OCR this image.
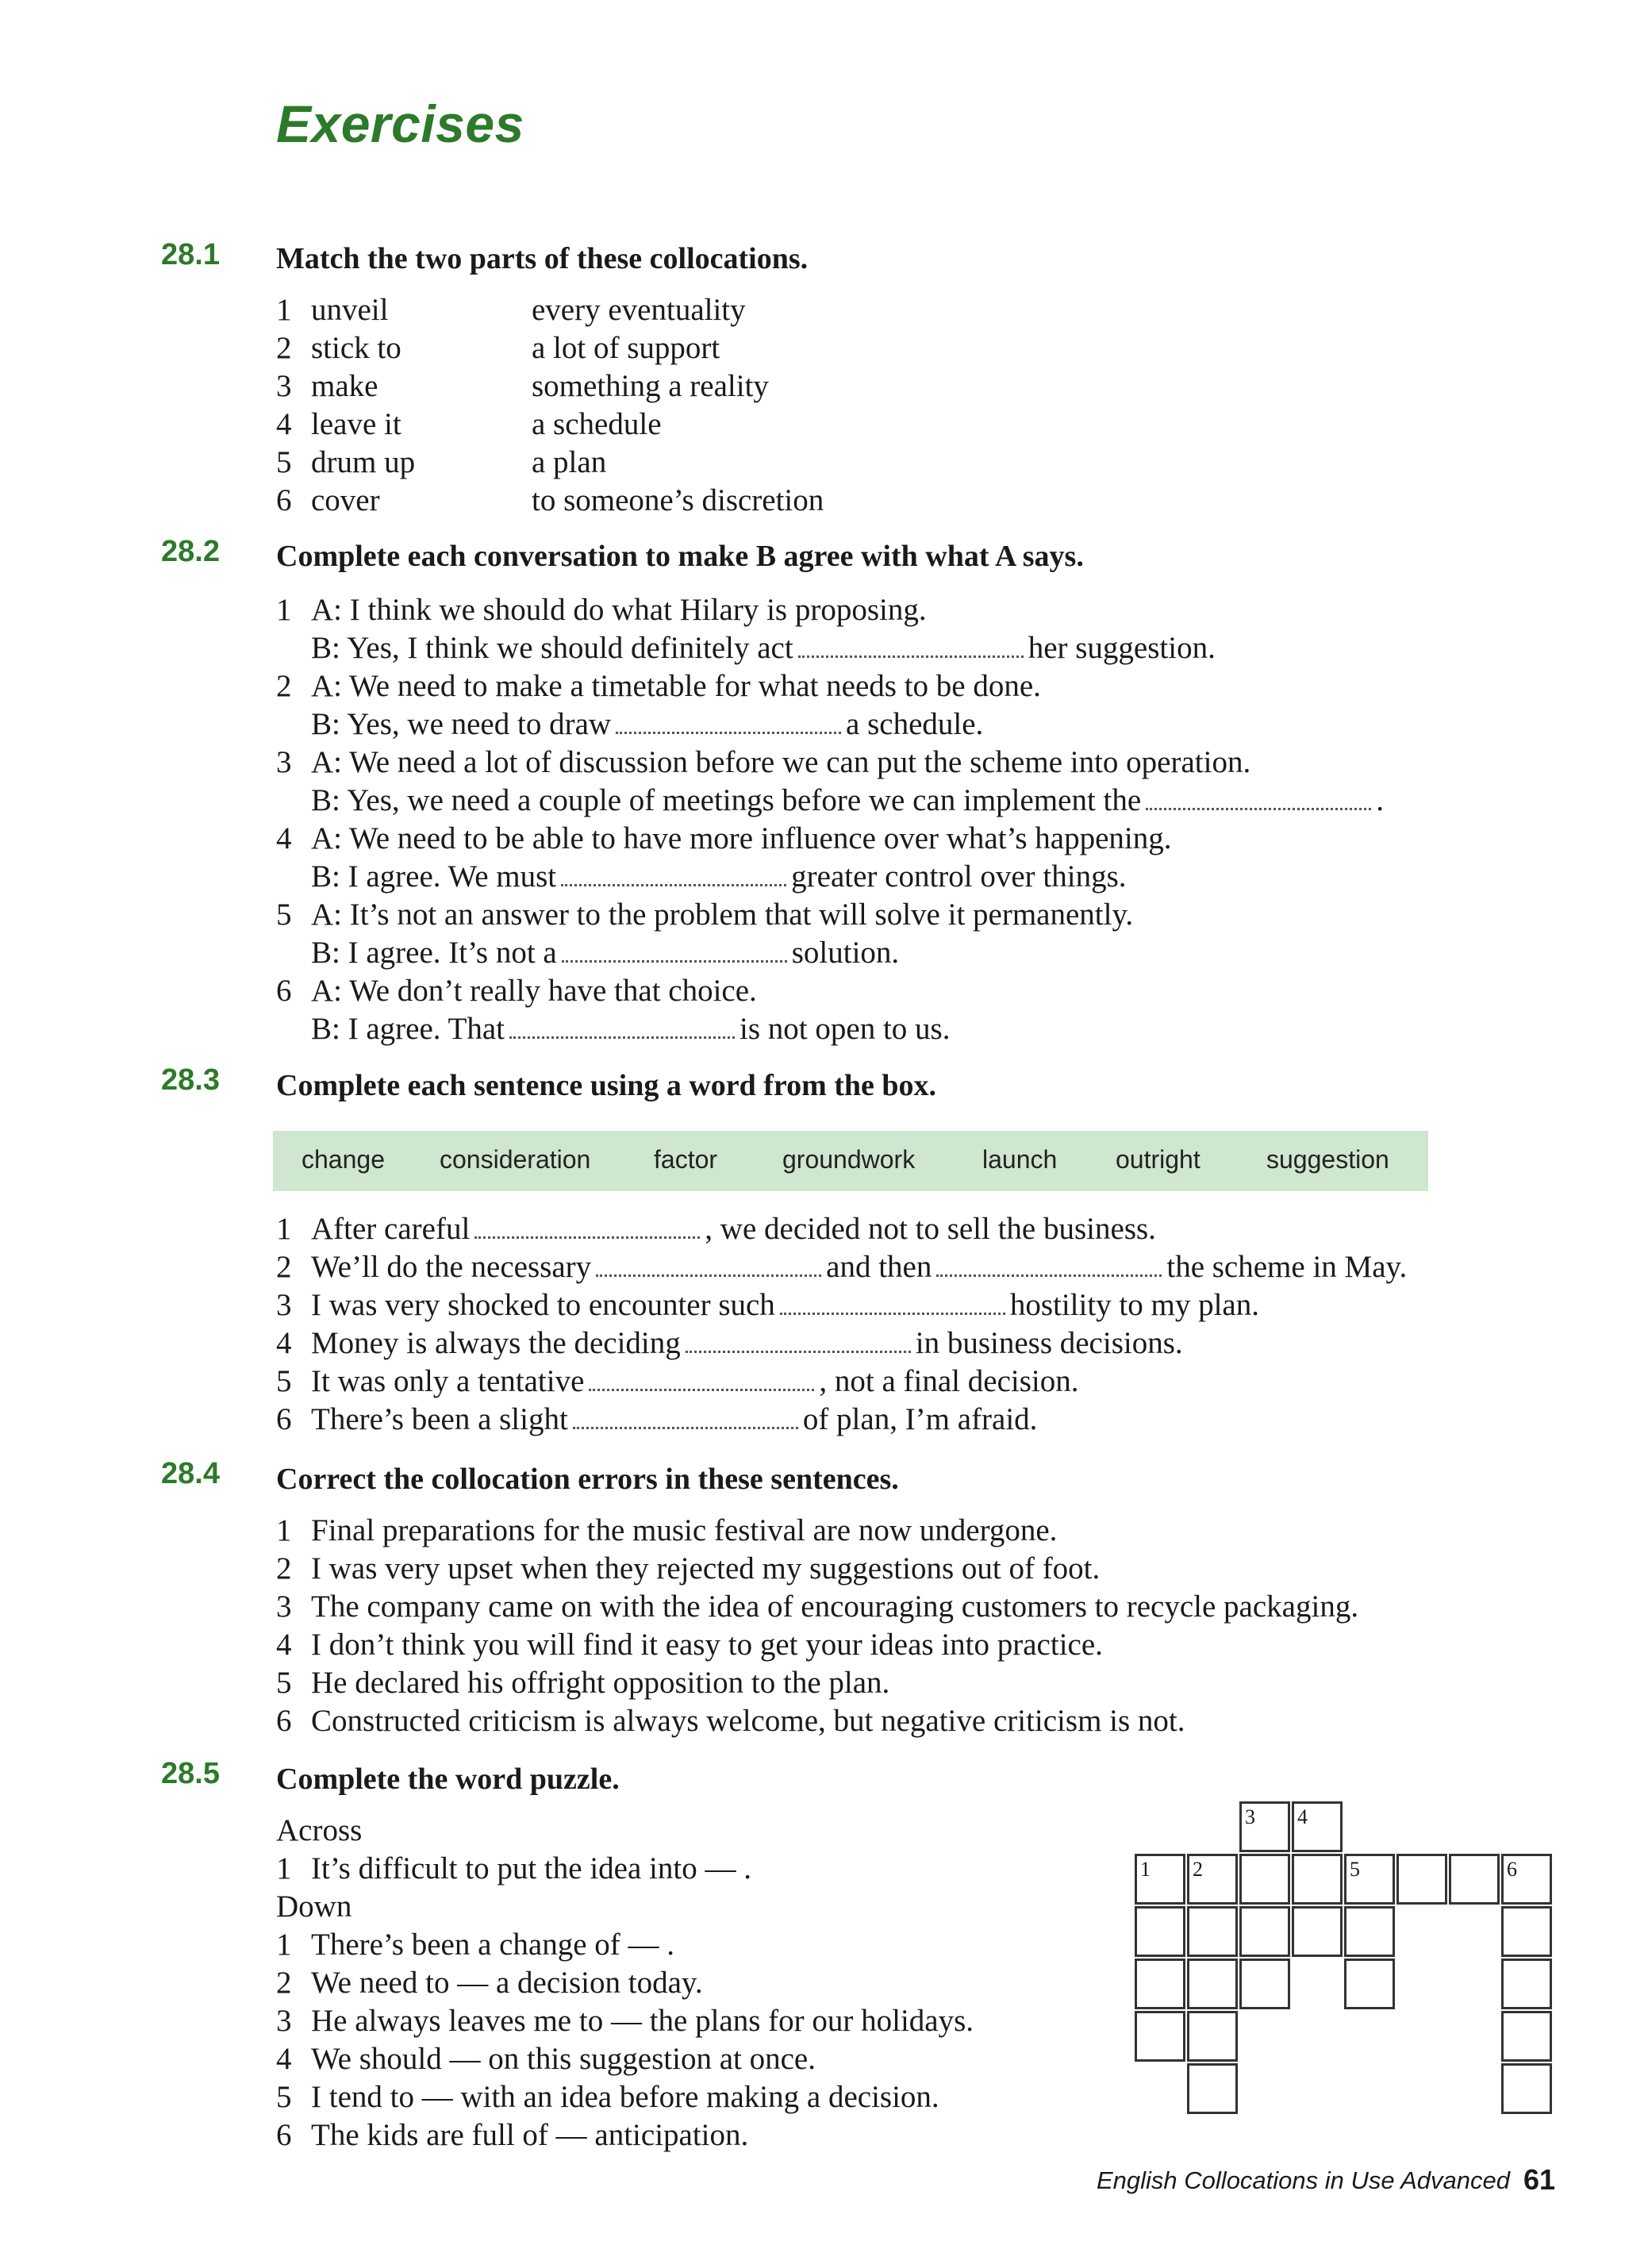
Exercises
28.1 Match the two parts of these collocations.
1 unveil	every eventuality
2 stick to	a lot of support
3 make	something a reality
4 leave it	a schedule
5 drum up	a plan
6 cover	to someone’s discretion
28.2 Complete each conversation to make B agree with what A says.
1 A: I think we should do what Hilary is proposing.
B: Yes, I think we should definitely act	her suggestion.
2 A: We need to make a timetable for what needs to be done.
B: Yes, we need to draw	a schedule.
3 A: We need a lot of discussion before we can put the scheme into operation.
B: Yes, we need a couple of meetings before we can implement the	.
4 A: We need to be able to have more influence over what’s happening.
B: I agree. We must	greater control over things.
5 A: It’s not an answer to the problem that will solve it permanently.
B: I agree. It’s not a	solution.
6 A: We don’t really have that choice.
B: I agree. That	is not open to us.
28.3 Complete each sentence using a word from the box.
change consideration factor	groundwork	launch outright	suggestion
1 After careful	, we decided not to sell the business.
2 We’ll do the necessary	and then	the scheme in May.
3 I was very shocked to encounter such	hostility to my plan.
4 Money is always the deciding	in business decisions.
5 It was only a tentative	, not a final decision.
6 There’s been a slight	of plan, I’m afraid.
28.4 Correct the collocation errors in these sentences.
1 Final preparations for the music festival are now undergone.
2 I was very upset when they rejected my suggestions out of foot.
3 The company came on with the idea of encouraging customers to recycle packaging.
4 I don’t think you will find it easy to get your ideas into practice.
5 He declared his offright opposition to the plan.
6 Constructed criticism is always welcome, but negative criticism is not.
28.5 Complete the word puzzle.
Across
1 It’s difficult to put the idea into — .
Down
1 There’s been a change of — .
2 We need to — a decision today.
3 He always leaves me to — the plans for our holidays.
4 We should — on this suggestion at once.
5 I tend to — with an idea before making a decision.
6 The kids are full of — anticipation.
3 4
1 2	5	6
English Collocations in Use Advanced 61
